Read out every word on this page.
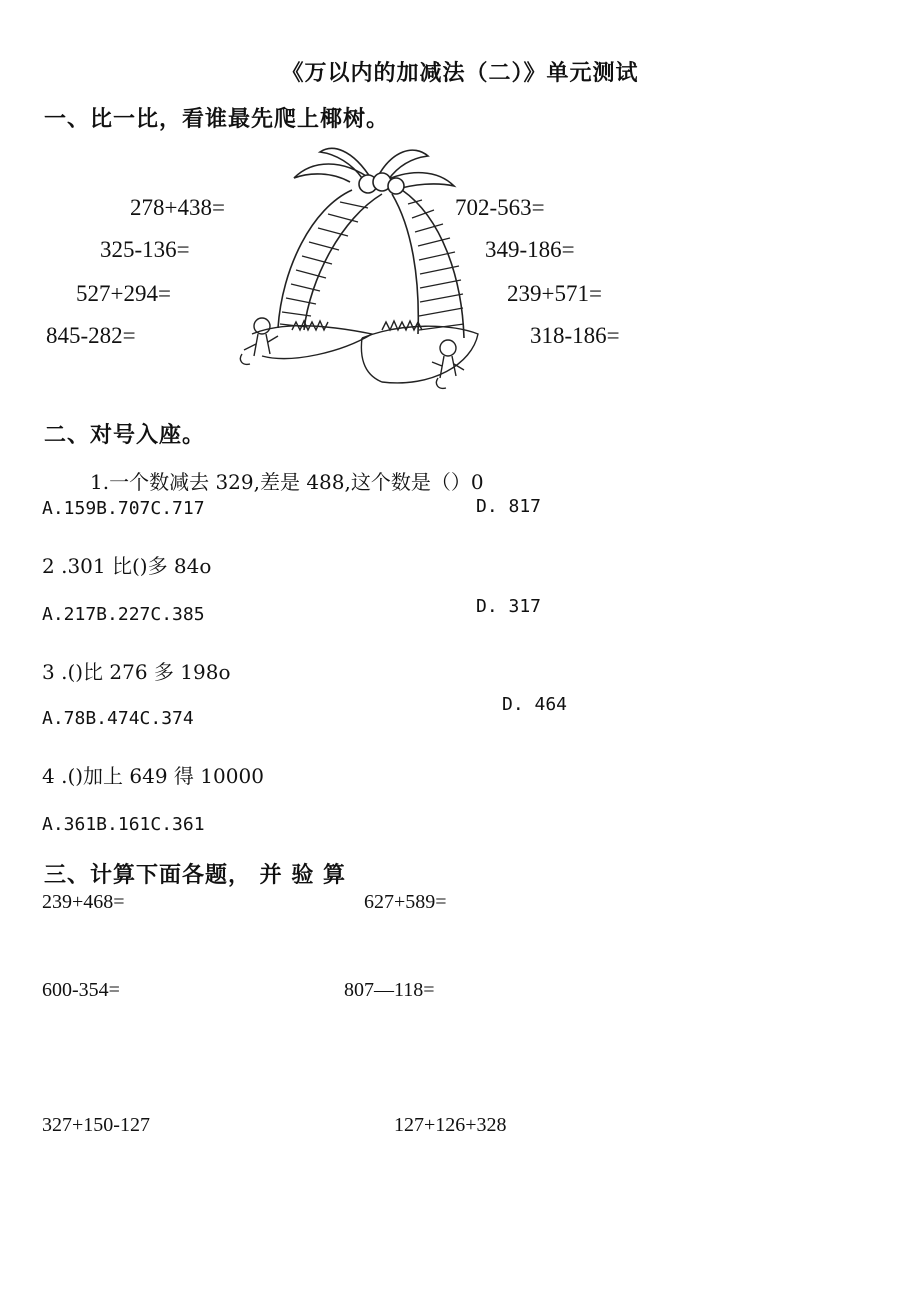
《万以内的加减法（二）》单元测试
一、比一比，看谁最先爬上椰树。
278+438=
325-136=
527+294=
845-282=
702-563=
349-186=
239+571=
318-186=
二、对号入座。
1.一个数减去 329,差是 488,这个数是（）0
A.159B.707C.717	D. 817
2 .301 比()多 84o
A.217B.227C.385	D. 317
3 .()比 276 多 198o
A.78B.474C.374
D. 464
4 .()加上 649 得 10000
A.361B.161C.361
三、计算下面各题， 并 验 算
239+468=	627+589=
600-354=	807—118=
327+150-127	127+126+328
